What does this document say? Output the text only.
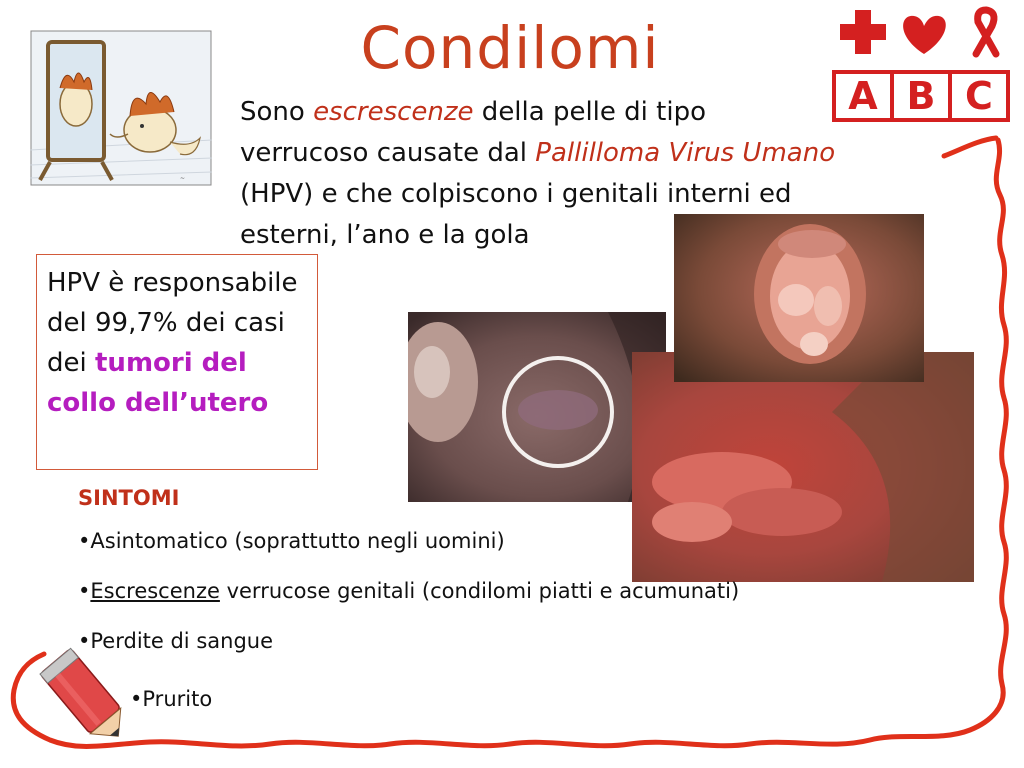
Condilomi
~
A B C
Sono escrescenze della pelle di tipo
verrucoso causate dal Pallilloma Virus Umano
(HPV) e che colpiscono i genitali interni ed
esterni, l’ano e la gola
HPV è responsabile del 99,7% dei casi dei tumori del collo dell’utero
SINTOMI
•Asintomatico (soprattutto negli uomini)
•Escrescenze verrucose genitali (condilomi piatti e acumunati)
•Perdite di sangue
•Prurito
